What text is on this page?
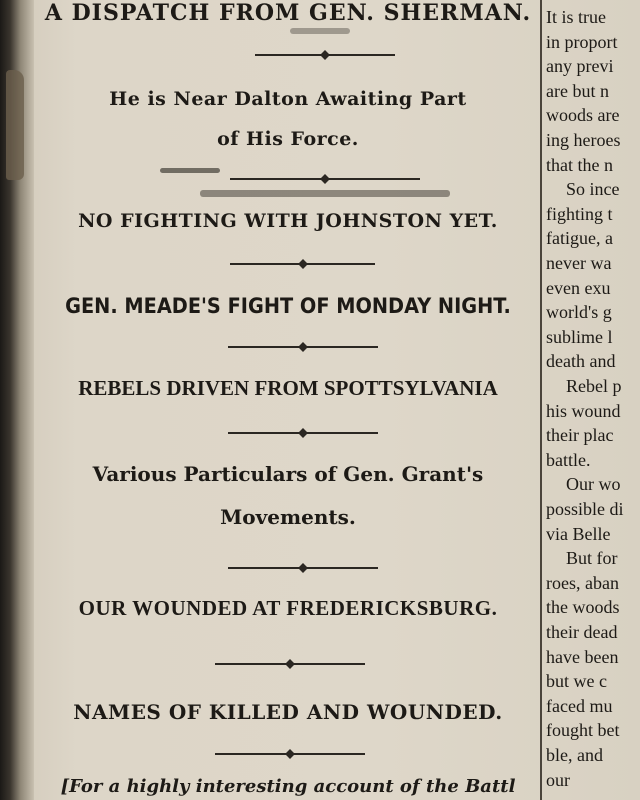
A DISPATCH FROM GEN. SHERMAN.
He is Near Dalton Awaiting Part
of His Force.
NO FIGHTING WITH JOHNSTON YET.
GEN. MEADE'S FIGHT OF MONDAY NIGHT.
REBELS DRIVEN FROM SPOTTSYLVANIA
Various Particulars of Gen. Grant's
Movements.
OUR WOUNDED AT FREDERICKSBURG.
NAMES OF KILLED AND WOUNDED.
[For a highly interesting account of the Battl
It is true
in proport
any previ
are but n
woods are
ing heroes
that the n
So ince
fighting t
fatigue, a
never wa
even exu
world's g
sublime l
death and
Rebel p
his wound
their plac
battle.
Our wo
possible di
via Belle
But for
roes, aban
the woods
their dead
have been
but we c
faced mu
fought bet
ble, and
our
